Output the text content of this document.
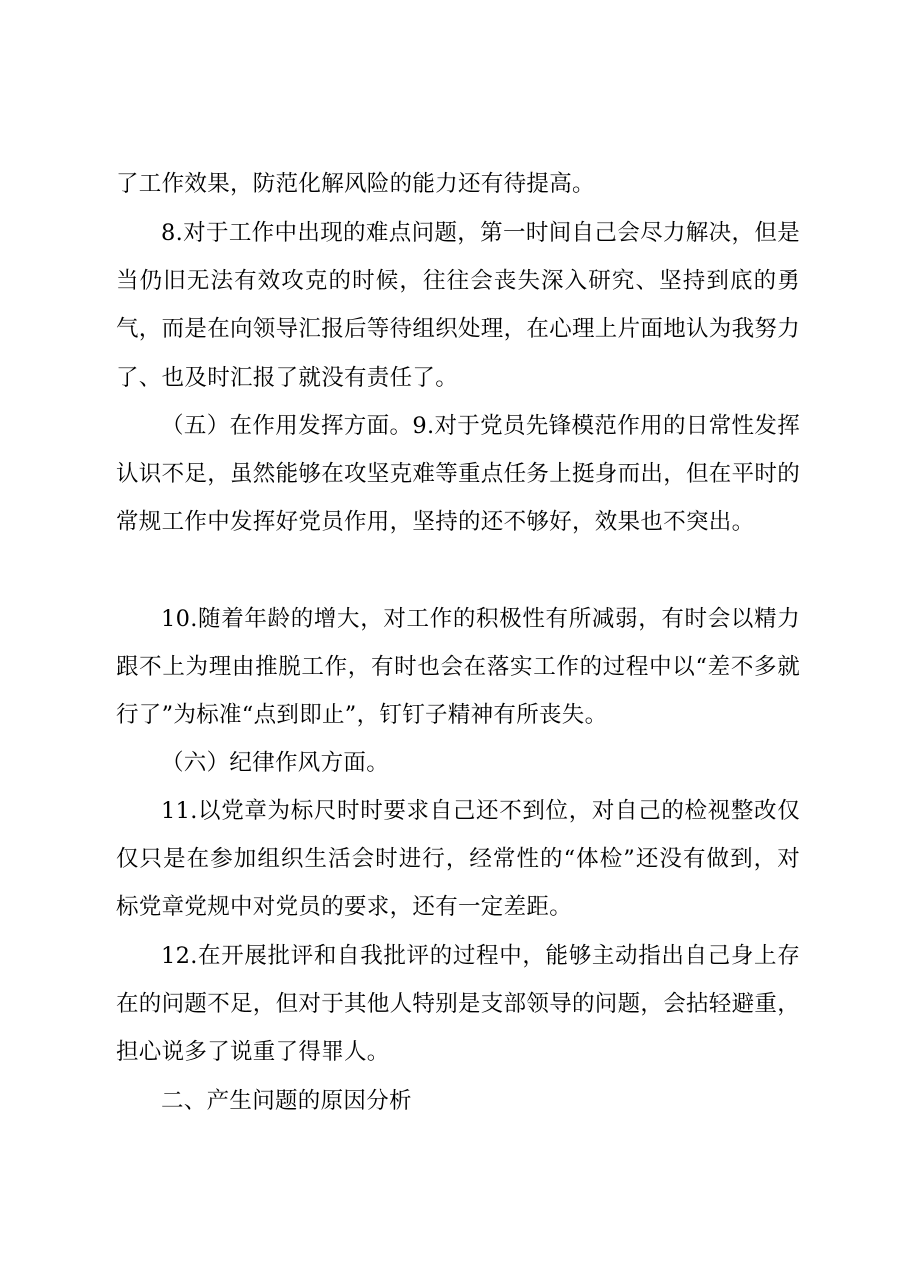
了工作效果，防范化解风险的能力还有待提高。

8.对于工作中出现的难点问题，第一时间自己会尽力解决，但是当仍旧无法有效攻克的时候，往往会丧失深入研究、坚持到底的勇气，而是在向领导汇报后等待组织处理，在心理上片面地认为我努力了、也及时汇报了就没有责任了。

（五）在作用发挥方面。9.对于党员先锋模范作用的日常性发挥认识不足，虽然能够在攻坚克难等重点任务上挺身而出，但在平时的常规工作中发挥好党员作用，坚持的还不够好，效果也不突出。

10.随着年龄的增大，对工作的积极性有所减弱，有时会以精力跟不上为理由推脱工作，有时也会在落实工作的过程中以“差不多就行了”为标准“点到即止”，钉钉子精神有所丧失。

（六）纪律作风方面。

11.以党章为标尺时时要求自己还不到位，对自己的检视整改仅仅只是在参加组织生活会时进行，经常性的“体检”还没有做到，对标党章党规中对党员的要求，还有一定差距。

12.在开展批评和自我批评的过程中，能够主动指出自己身上存在的问题不足，但对于其他人特别是支部领导的问题，会拈轻避重，担心说多了说重了得罪人。

二、产生问题的原因分析
